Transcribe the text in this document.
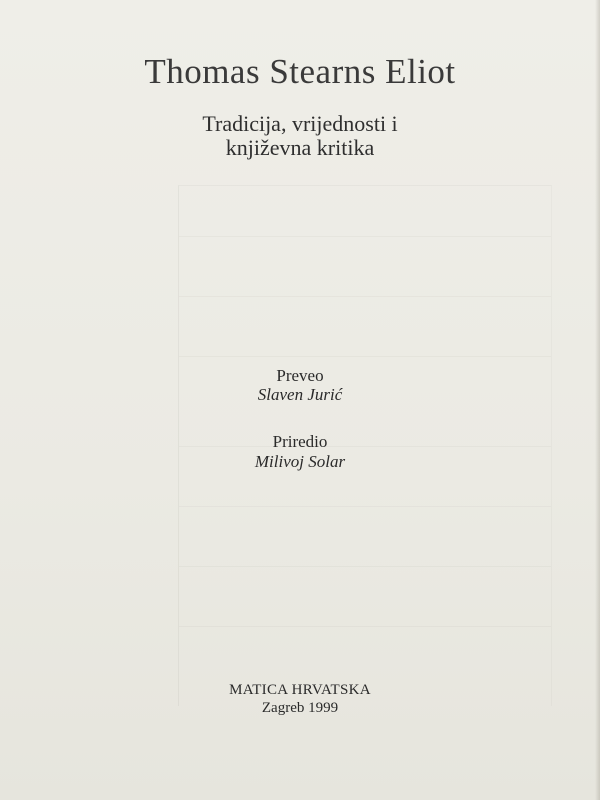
Thomas Stearns Eliot
Tradicija, vrijednosti i
književna kritika
Preveo
Slaven Jurić
Priredio
Milivoj Solar
MATICA HRVATSKA
Zagreb 1999
